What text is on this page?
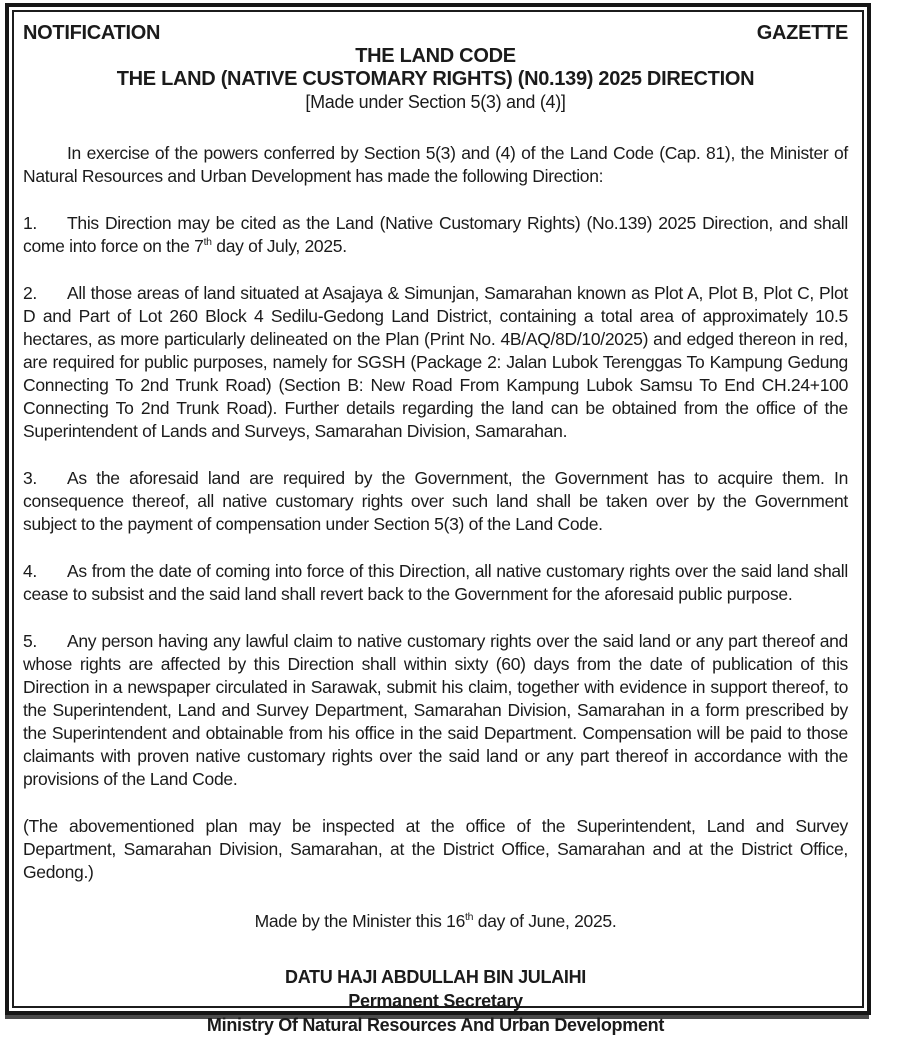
NOTIFICATION	GAZETTE
THE LAND CODE
THE LAND (NATIVE CUSTOMARY RIGHTS) (N0.139) 2025 DIRECTION
[Made under Section 5(3) and (4)]

In exercise of the powers conferred by Section 5(3) and (4) of the Land Code (Cap. 81), the Minister of Natural Resources and Urban Development has made the following Direction:

1. This Direction may be cited as the Land (Native Customary Rights) (No.139) 2025 Direction, and shall come into force on the 7th day of July, 2025.

2. All those areas of land situated at Asajaya & Simunjan, Samarahan known as Plot A, Plot B, Plot C, Plot D and Part of Lot 260 Block 4 Sedilu-Gedong Land District, containing a total area of approximately 10.5 hectares, as more particularly delineated on the Plan (Print No. 4B/AQ/8D/10/2025) and edged thereon in red, are required for public purposes, namely for SGSH (Package 2: Jalan Lubok Terenggas To Kampung Gedung Connecting To 2nd Trunk Road) (Section B: New Road From Kampung Lubok Samsu To End CH.24+100 Connecting To 2nd Trunk Road). Further details regarding the land can be obtained from the office of the Superintendent of Lands and Surveys, Samarahan Division, Samarahan.

3. As the aforesaid land are required by the Government, the Government has to acquire them. In consequence thereof, all native customary rights over such land shall be taken over by the Government subject to the payment of compensation under Section 5(3) of the Land Code.

4. As from the date of coming into force of this Direction, all native customary rights over the said land shall cease to subsist and the said land shall revert back to the Government for the aforesaid public purpose.

5. Any person having any lawful claim to native customary rights over the said land or any part thereof and whose rights are affected by this Direction shall within sixty (60) days from the date of publication of this Direction in a newspaper circulated in Sarawak, submit his claim, together with evidence in support thereof, to the Superintendent, Land and Survey Department, Samarahan Division, Samarahan in a form prescribed by the Superintendent and obtainable from his office in the said Department. Compensation will be paid to those claimants with proven native customary rights over the said land or any part thereof in accordance with the provisions of the Land Code.

(The abovementioned plan may be inspected at the office of the Superintendent, Land and Survey Department, Samarahan Division, Samarahan, at the District Office, Samarahan and at the District Office, Gedong.)

Made by the Minister this 16th day of June, 2025.

DATU HAJI ABDULLAH BIN JULAIHI
Permanent Secretary
Ministry Of Natural Resources And Urban Development
